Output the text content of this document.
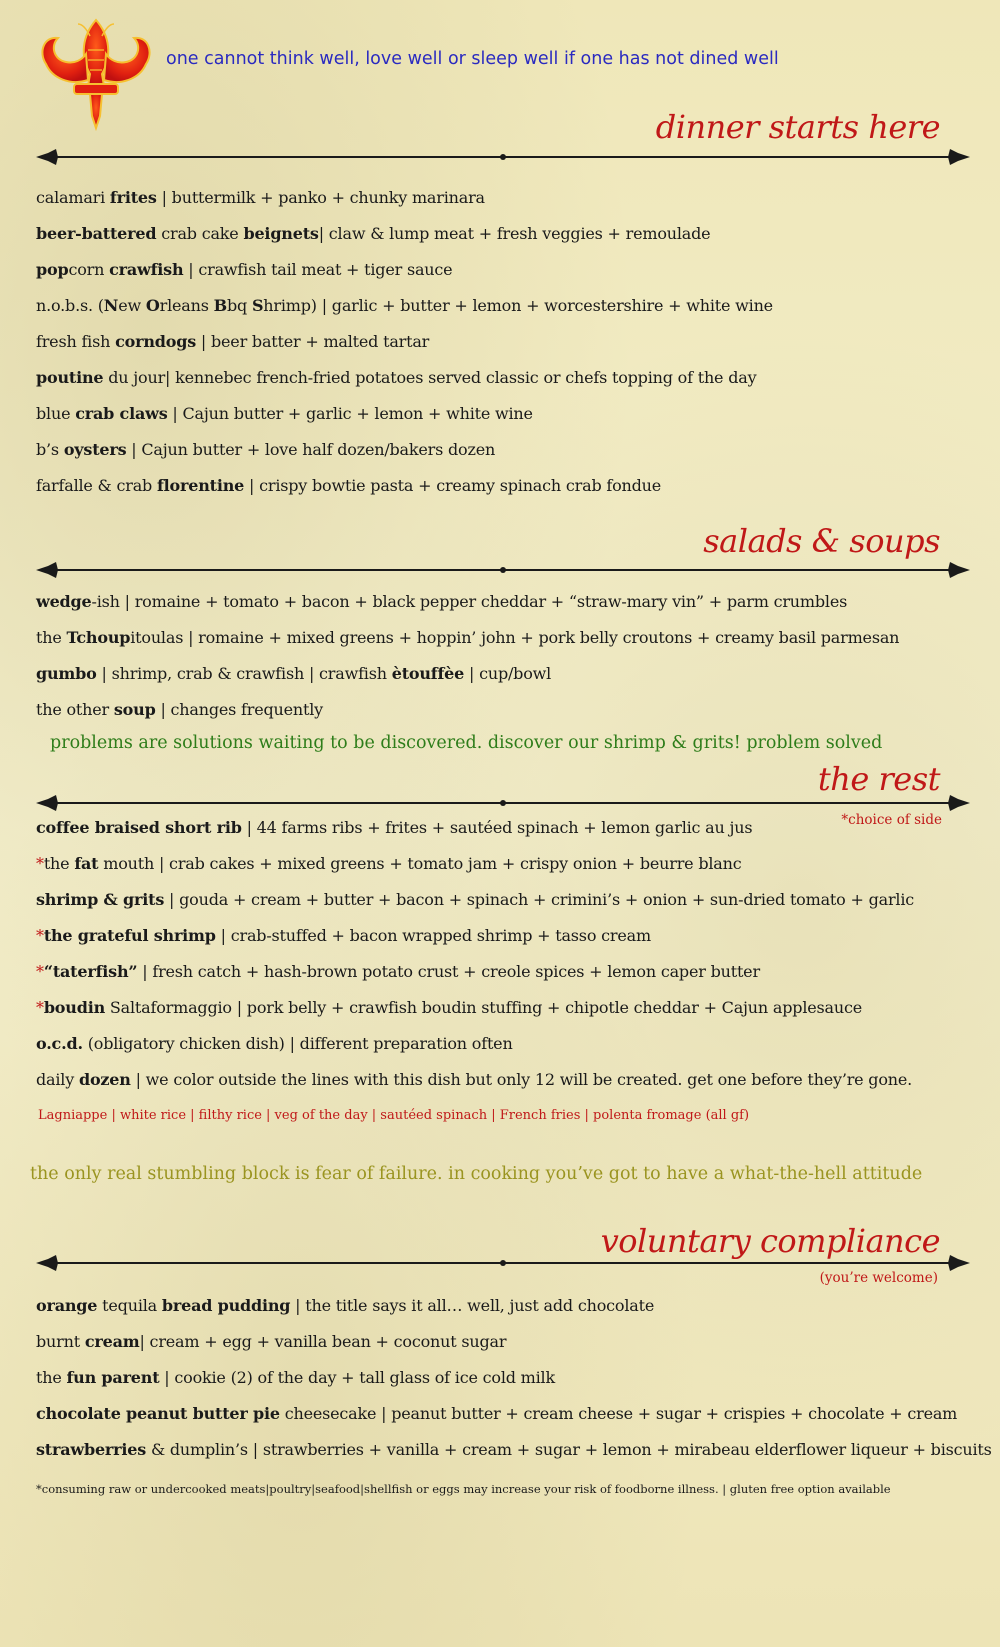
one cannot think well, love well or sleep well if one has not dined well
dinner starts here
salads & soups
problems are solutions waiting to be discovered. discover our shrimp & grits! problem solved
the rest
*choice of side
Lagniappe | white rice | filthy rice | veg of the day | sautéed spinach | French fries | polenta fromage (all gf)
the only real stumbling block is fear of failure. in cooking you’ve got to have a what-the-hell attitude
voluntary compliance
(you’re welcome)
*consuming raw or undercooked meats|poultry|seafood|shellfish or eggs may increase your risk of foodborne illness. | gluten free option available
calamari frites | buttermilk + panko + chunky marinara
beer-battered crab cake beignets| claw & lump meat + fresh veggies + remoulade
popcorn crawfish | crawfish tail meat + tiger sauce
n.o.b.s. (New Orleans Bbq Shrimp) | garlic + butter + lemon + worcestershire + white wine
fresh fish corndogs | beer batter + malted tartar
poutine du jour| kennebec french-fried potatoes served classic or chefs topping of the day
blue crab claws | Cajun butter + garlic + lemon + white wine
b’s oysters | Cajun butter + love half dozen/bakers dozen
farfalle & crab florentine | crispy bowtie pasta + creamy spinach crab fondue
wedge-ish | romaine + tomato + bacon + black pepper cheddar + “straw-mary vin” + parm crumbles
the Tchoupitoulas | romaine + mixed greens + hoppin’ john + pork belly croutons + creamy basil parmesan
gumbo | shrimp, crab & crawfish | crawfish ètouffèe | cup/bowl
the other soup | changes frequently
coffee braised short rib | 44 farms ribs + frites + sautéed spinach + lemon garlic au jus
*the fat mouth | crab cakes + mixed greens + tomato jam + crispy onion + beurre blanc
shrimp & grits | gouda + cream + butter + bacon + spinach + crimini’s + onion + sun-dried tomato + garlic
*the grateful shrimp | crab-stuffed + bacon wrapped shrimp + tasso cream
*“taterfish” | fresh catch + hash-brown potato crust + creole spices + lemon caper butter
*boudin Saltaformaggio | pork belly + crawfish boudin stuffing + chipotle cheddar + Cajun applesauce
o.c.d. (obligatory chicken dish) | different preparation often
daily dozen | we color outside the lines with this dish but only 12 will be created. get one before they’re gone.
orange tequila bread pudding | the title says it all… well, just add chocolate
burnt cream| cream + egg + vanilla bean + coconut sugar
the fun parent | cookie (2) of the day + tall glass of ice cold milk
chocolate peanut butter pie cheesecake | peanut butter + cream cheese + sugar + crispies + chocolate + cream
strawberries & dumplin’s | strawberries + vanilla + cream + sugar + lemon + mirabeau elderflower liqueur + biscuits
